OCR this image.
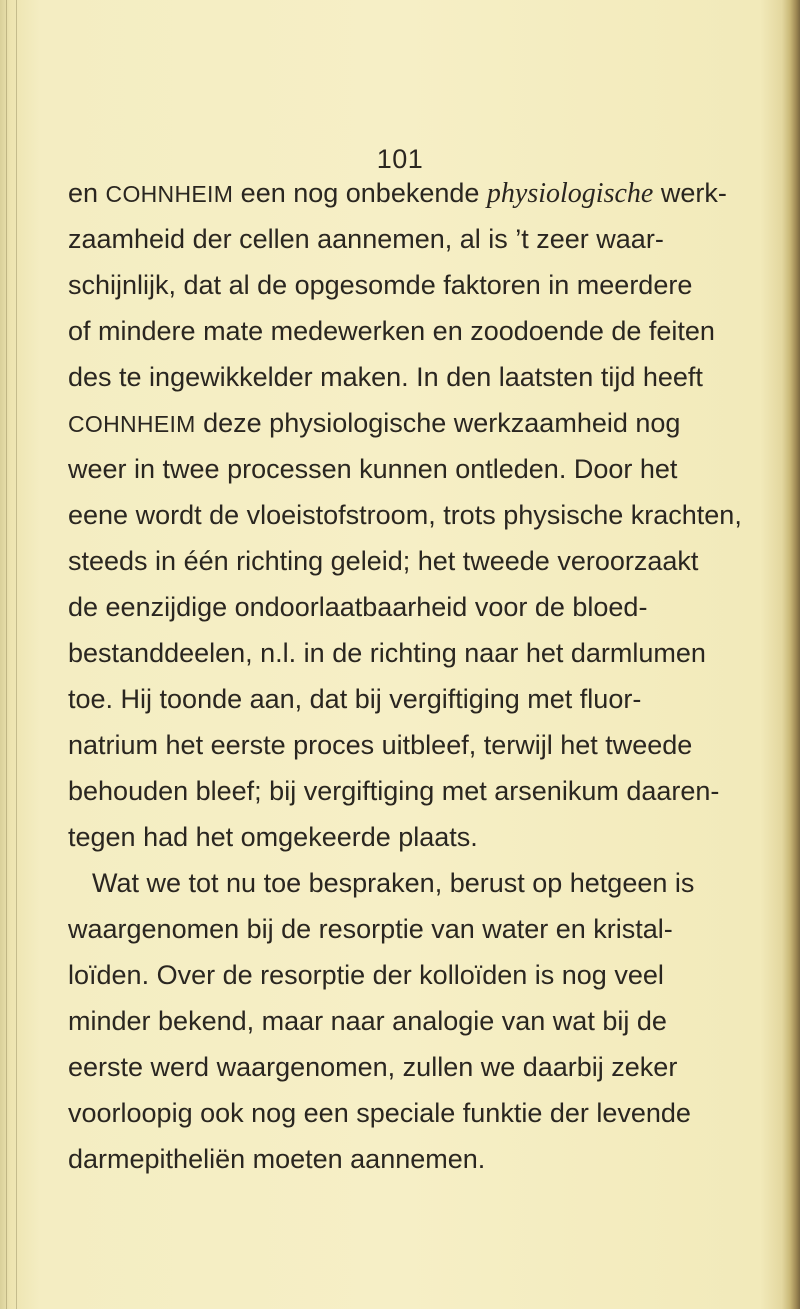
101
en COHNHEIM een nog onbekende physiologische werk-
zaamheid der cellen aannemen, al is ’t zeer waar-
schijnlijk, dat al de opgesomde faktoren in meerdere
of mindere mate medewerken en zoodoende de feiten
des te ingewikkelder maken. In den laatsten tijd heeft
COHNHEIM deze physiologische werkzaamheid nog
weer in twee processen kunnen ontleden. Door het
eene wordt de vloeistofstroom, trots physische krachten,
steeds in één richting geleid; het tweede veroorzaakt
de eenzijdige ondoorlaatbaarheid voor de bloed-
bestanddeelen, n.l. in de richting naar het darmlumen
toe. Hij toonde aan, dat bij vergiftiging met fluor-
natrium het eerste proces uitbleef, terwijl het tweede
behouden bleef; bij vergiftiging met arsenikum daaren-
tegen had het omgekeerde plaats.
Wat we tot nu toe bespraken, berust op hetgeen is
waargenomen bij de resorptie van water en kristal-
loïden. Over de resorptie der kolloïden is nog veel
minder bekend, maar naar analogie van wat bij de
eerste werd waargenomen, zullen we daarbij zeker
voorloopig ook nog een speciale funktie der levende
darmepitheliën moeten aannemen.
